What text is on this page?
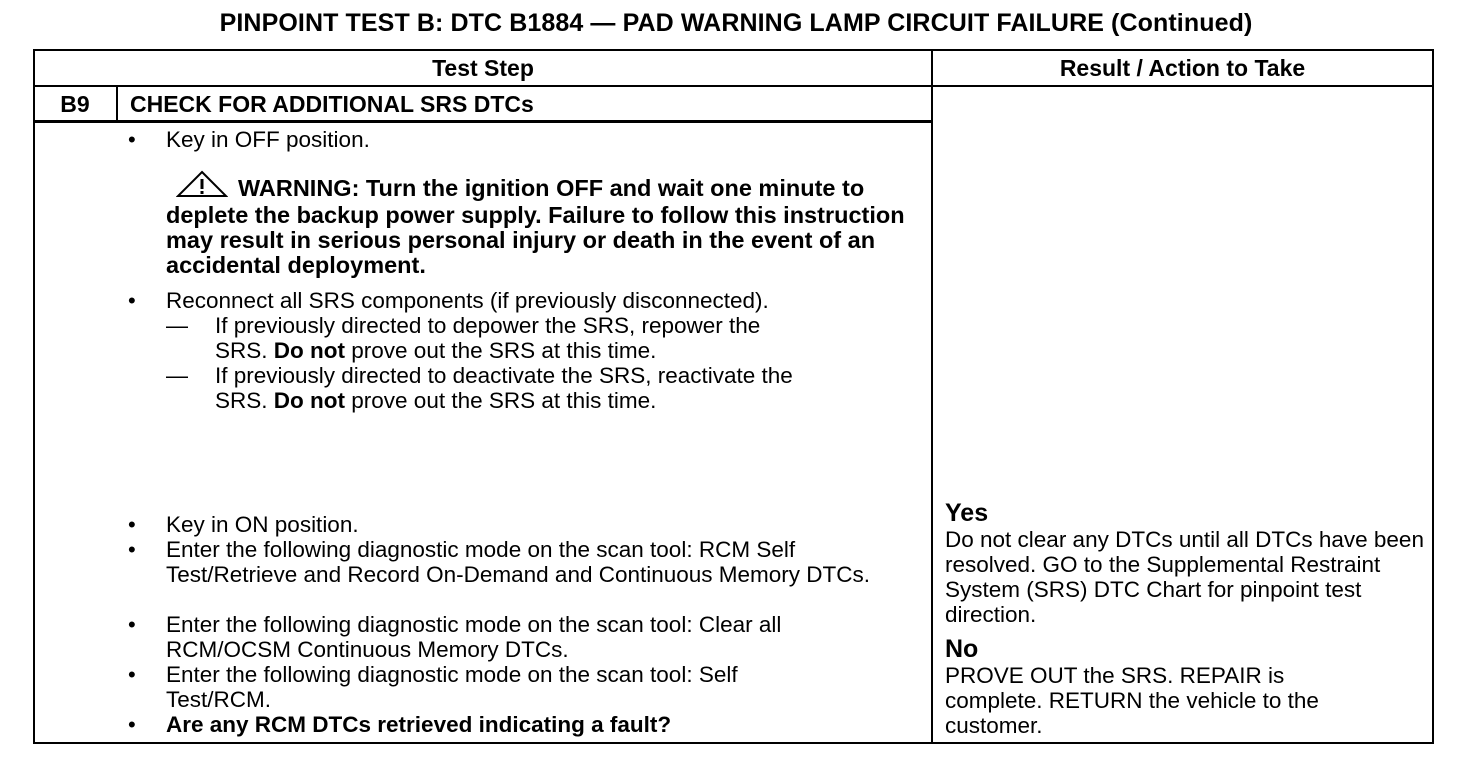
PINPOINT TEST B: DTC B1884 — PAD WARNING LAMP CIRCUIT FAILURE (Continued)
Test Step	Result / Action to Take
B9	CHECK FOR ADDITIONAL SRS DTCs
• Key in OFF position.
WARNING: Turn the ignition OFF and wait one minute to deplete the backup power supply. Failure to follow this instruction may result in serious personal injury or death in the event of an accidental deployment.
• Reconnect all SRS components (if previously disconnected).
— If previously directed to depower the SRS, repower the
SRS. Do not prove out the SRS at this time.
— If previously directed to deactivate the SRS, reactivate the
SRS. Do not prove out the SRS at this time.
• Key in ON position.
• Enter the following diagnostic mode on the scan tool: RCM Self Test/Retrieve and Record On-Demand and Continuous Memory DTCs.
• Enter the following diagnostic mode on the scan tool: Clear all RCM/OCSM Continuous Memory DTCs.
• Enter the following diagnostic mode on the scan tool: Self Test/RCM.
• Are any RCM DTCs retrieved indicating a fault?
Yes
Do not clear any DTCs until all DTCs have been resolved. GO to the Supplemental Restraint System (SRS) DTC Chart for pinpoint test direction.
No
PROVE OUT the SRS. REPAIR is complete. RETURN the vehicle to the customer.
